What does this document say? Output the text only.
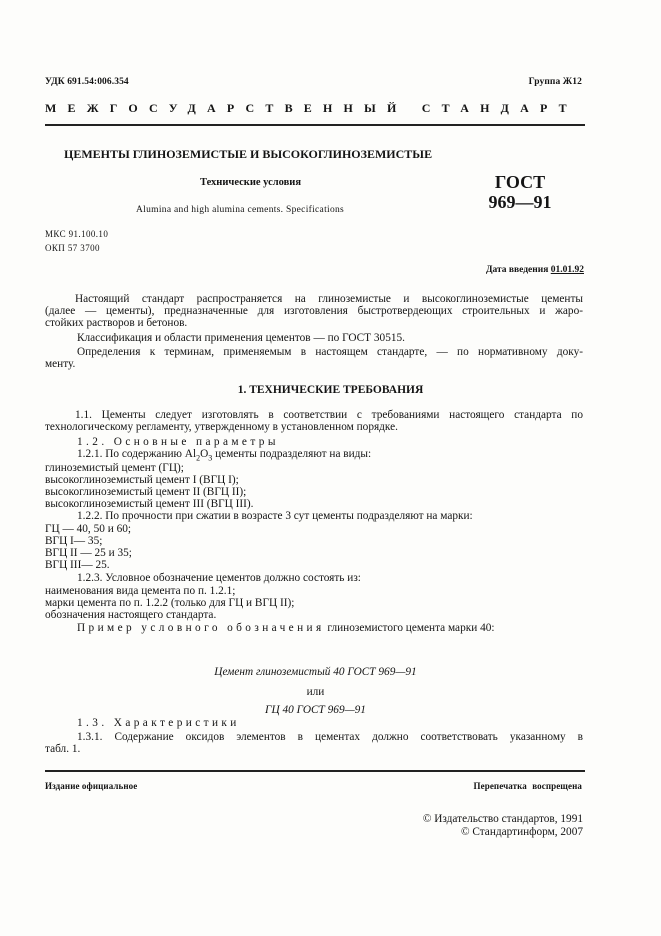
УДК 691.54:006.354	Группа Ж12
МЕЖГОСУДАРСТВЕННЫЙ СТАНДАРТ
ЦЕМЕНТЫ ГЛИНОЗЕМИСТЫЕ И ВЫСОКОГЛИНОЗЕМИСТЫЕ
Технические условия
Alumina and high alumina cements. Specifications
ГОСТ
969—91
МКС 91.100.10
ОКП 57 3700
Дата введения 01.01.92
Настоящий стандарт распространяется на глиноземистые и высокоглиноземистые цементы
(далее — цементы), предназначенные для изготовления быстротвердеющих строительных и жаро-
стойких растворов и бетонов.
Классификация и области применения цементов — по ГОСТ 30515.
Определения к терминам, применяемым в настоящем стандарте, — по нормативному доку-
менту.
1. ТЕХНИЧЕСКИЕ ТРЕБОВАНИЯ
1.1. Цементы следует изготовлять в соответствии с требованиями настоящего стандарта по
технологическому регламенту, утвержденному в установленном порядке.
1.2. Основные параметры
1.2.1. По содержанию $Al_2O_3$ цементы подразделяют на виды:
глиноземистый цемент (ГЦ);
высокоглиноземистый цемент I (ВГЦ I);
высокоглиноземистый цемент II (ВГЦ II);
высокоглиноземистый цемент III (ВГЦ III).
1.2.2. По прочности при сжатии в возрасте 3 сут цементы подразделяют на марки:
ГЦ — 40, 50 и 60;
ВГЦ I— 35;
ВГЦ II — 25 и 35;
ВГЦ III— 25.
1.2.3. Условное обозначение цементов должно состоять из:
наименования вида цемента по п. 1.2.1;
марки цемента по п. 1.2.2 (только для ГЦ и ВГЦ II);
обозначения настоящего стандарта.
Пример условного обозначения глиноземистого цемента марки 40:
Цемент глиноземистый 40 ГОСТ 969—91
или
ГЦ 40 ГОСТ 969—91
1.3. Характеристики
1.3.1. Содержание оксидов элементов в цементах должно соответствовать указанному в
табл. 1.
Издание официальное	Перепечатка воспрещена
© Издательство стандартов, 1991
© Стандартинформ, 2007
